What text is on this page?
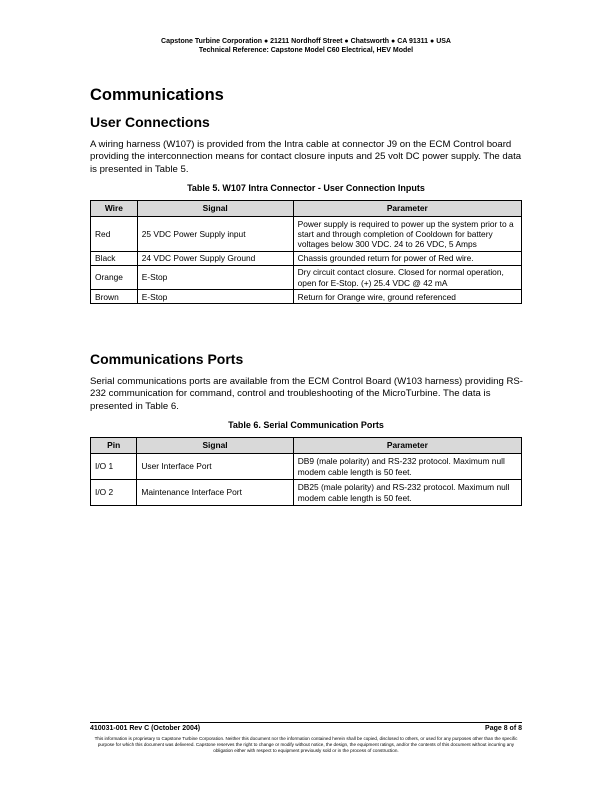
Capstone Turbine Corporation ● 21211 Nordhoff Street ● Chatsworth ● CA 91311 ● USA
Technical Reference: Capstone Model C60 Electrical, HEV Model
Communications
User Connections

A wiring harness (W107) is provided from the Intra cable at connector J9 on the ECM Control board providing the interconnection means for contact closure inputs and 25 volt DC power supply. The data is presented in Table 5.

Table 5. W107 Intra Connector - User Connection Inputs
Wire	Signal	Parameter
Red	25 VDC Power Supply input	Power supply is required to power up the system prior to a start and through completion of Cooldown for battery voltages below 300 VDC. 24 to 26 VDC, 5 Amps
Black	24 VDC Power Supply Ground	Chassis grounded return for power of Red wire.
Orange	E-Stop	Dry circuit contact closure. Closed for normal operation, open for E-Stop. (+) 25.4 VDC @ 42 mA
Brown	E-Stop	Return for Orange wire, ground referenced
Communications Ports

Serial communications ports are available from the ECM Control Board (W103 harness) providing RS-232 communication for command, control and troubleshooting of the MicroTurbine. The data is presented in Table 6.

Table 6. Serial Communication Ports
Pin	Signal	Parameter
I/O 1	User Interface Port	DB9 (male polarity) and RS-232 protocol. Maximum null modem cable length is 50 feet.
I/O 2	Maintenance Interface Port	DB25 (male polarity) and RS-232 protocol. Maximum null modem cable length is 50 feet.
410031-001 Rev C (October 2004)	Page 8 of 8
This information is proprietary to Capstone Turbine Corporation. Neither this document nor the information contained herein shall be copied, disclosed to others, or used for any purposes other than the specific purpose for which this document was delivered. Capstone reserves the right to change or modify without notice, the design, the equipment ratings, and/or the contents of this document without incurring any obligation either with respect to equipment previously sold or in the process of construction.
